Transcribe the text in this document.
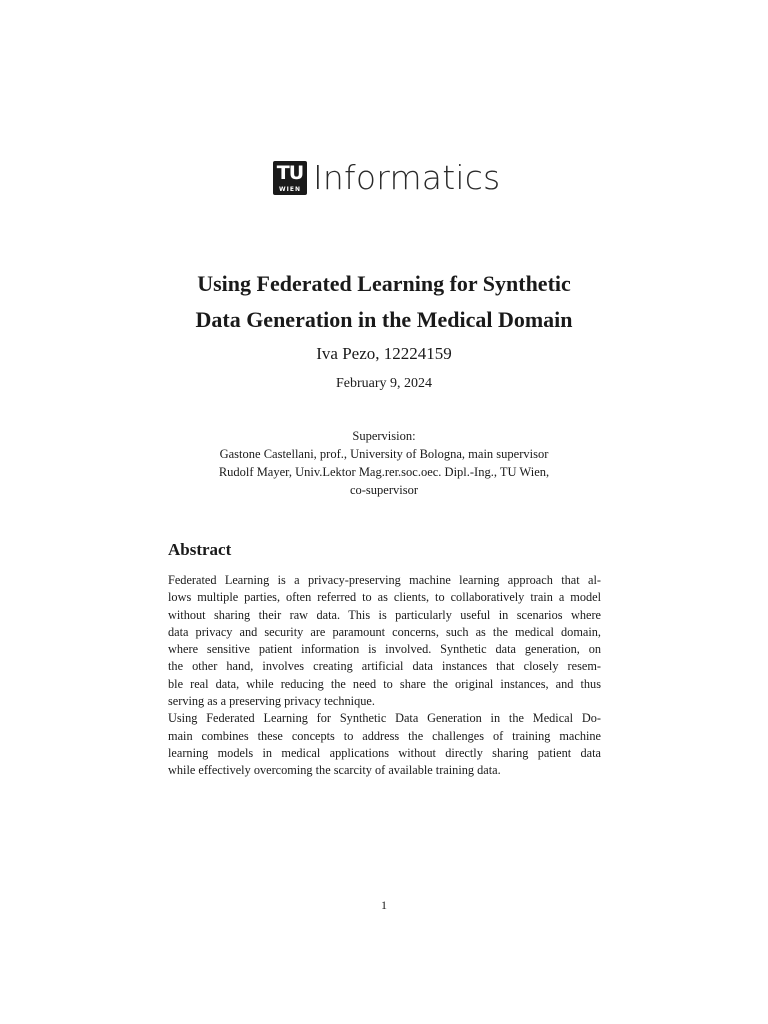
TU
WIEN Informatics
Using Federated Learning for Synthetic
Data Generation in the Medical Domain
Iva Pezo, 12224159
February 9, 2024
Supervision:
Gastone Castellani, prof., University of Bologna, main supervisor
Rudolf Mayer, Univ.Lektor Mag.rer.soc.oec. Dipl.-Ing., TU Wien,
co-supervisor
Abstract
Federated Learning is a privacy-preserving machine learning approach that al-
lows multiple parties, often referred to as clients, to collaboratively train a model
without sharing their raw data. This is particularly useful in scenarios where
data privacy and security are paramount concerns, such as the medical domain,
where sensitive patient information is involved. Synthetic data generation, on
the other hand, involves creating artificial data instances that closely resem-
ble real data, while reducing the need to share the original instances, and thus
serving as a preserving privacy technique.
Using Federated Learning for Synthetic Data Generation in the Medical Do-
main combines these concepts to address the challenges of training machine
learning models in medical applications without directly sharing patient data
while effectively overcoming the scarcity of available training data.
1
